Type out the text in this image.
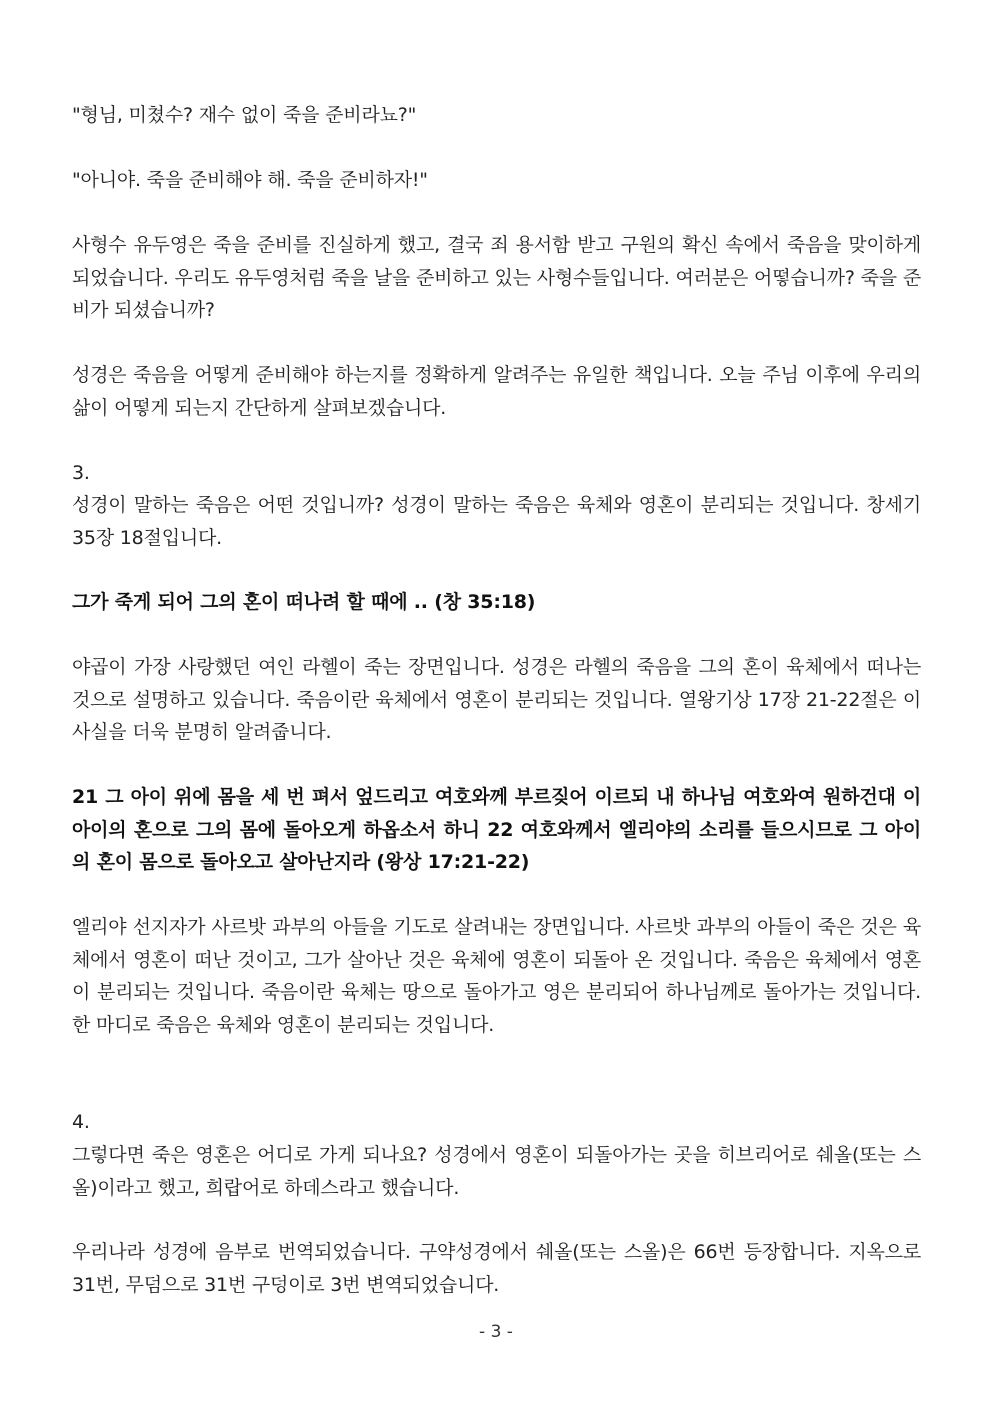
"형님, 미쳤수? 재수 없이 죽을 준비라뇨?"

"아니야. 죽을 준비해야 해. 죽을 준비하자!"

사형수 유두영은 죽을 준비를 진실하게 했고, 결국 죄 용서함 받고 구원의 확신 속에서 죽음을 맞이하게 되었습니다. 우리도 유두영처럼 죽을 날을 준비하고 있는 사형수들입니다. 여러분은 어떻습니까? 죽을 준비가 되셨습니까?

성경은 죽음을 어떻게 준비해야 하는지를 정확하게 알려주는 유일한 책입니다. 오늘 주님 이후에 우리의 삶이 어떻게 되는지 간단하게 살펴보겠습니다.

3.

성경이 말하는 죽음은 어떤 것입니까? 성경이 말하는 죽음은 육체와 영혼이 분리되는 것입니다. 창세기 35장 18절입니다.

그가 죽게 되어 그의 혼이 떠나려 할 때에 .. (창 35:18)

야곱이 가장 사랑했던 여인 라헬이 죽는 장면입니다. 성경은 라헬의 죽음을 그의 혼이 육체에서 떠나는 것으로 설명하고 있습니다. 죽음이란 육체에서 영혼이 분리되는 것입니다. 열왕기상 17장 21-22절은 이 사실을 더욱 분명히 알려줍니다.

21 그 아이 위에 몸을 세 번 펴서 엎드리고 여호와께 부르짖어 이르되 내 하나님 여호와여 원하건대 이 아이의 혼으로 그의 몸에 돌아오게 하옵소서 하니 22 여호와께서 엘리야의 소리를 들으시므로 그 아이의 혼이 몸으로 돌아오고 살아난지라 (왕상 17:21-22)

엘리야 선지자가 사르밧 과부의 아들을 기도로 살려내는 장면입니다. 사르밧 과부의 아들이 죽은 것은 육체에서 영혼이 떠난 것이고, 그가 살아난 것은 육체에 영혼이 되돌아 온 것입니다. 죽음은 육체에서 영혼이 분리되는 것입니다. 죽음이란 육체는 땅으로 돌아가고 영은 분리되어 하나님께로 돌아가는 것입니다. 한 마디로 죽음은 육체와 영혼이 분리되는 것입니다.

4.

그렇다면 죽은 영혼은 어디로 가게 되나요? 성경에서 영혼이 되돌아가는 곳을 히브리어로 쉐올(또는 스올)이라고 했고, 희랍어로 하데스라고 했습니다.

우리나라 성경에 음부로 번역되었습니다. 구약성경에서 쉐올(또는 스올)은 66번 등장합니다. 지옥으로 31번, 무덤으로 31번 구덩이로 3번 변역되었습니다.

- 3 -
